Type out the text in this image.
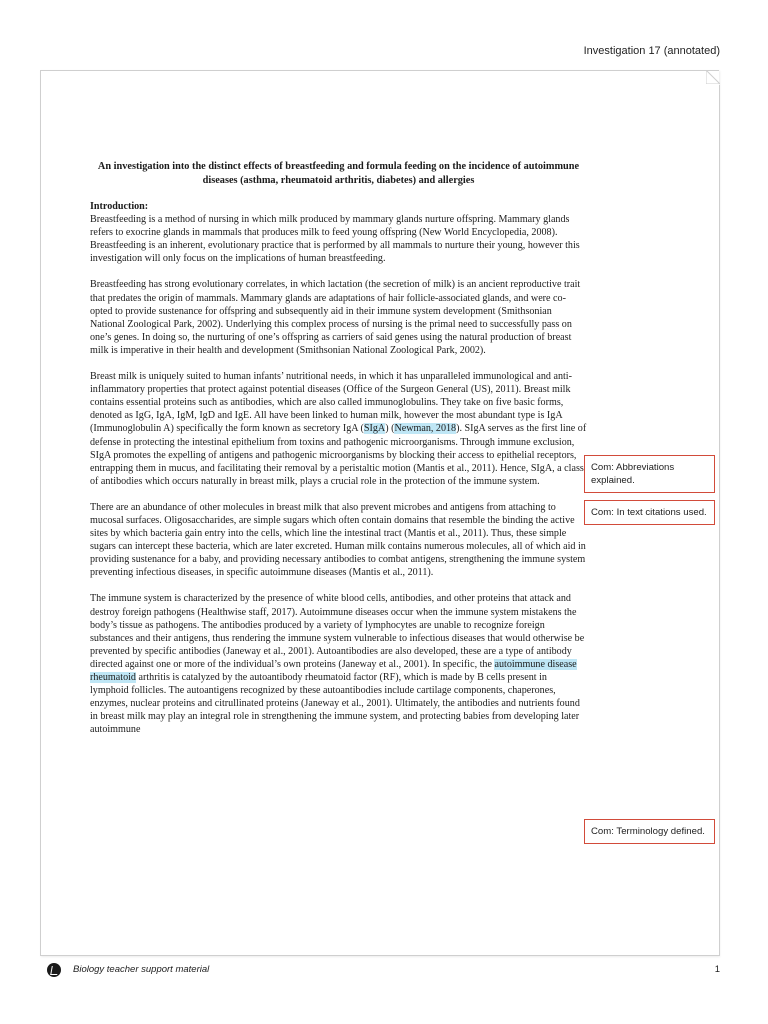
Investigation 17 (annotated)

An investigation into the distinct effects of breastfeeding and formula feeding on the incidence of autoimmune diseases (asthma, rheumatoid arthritis, diabetes) and allergies

Introduction:

Breastfeeding is a method of nursing in which milk produced by mammary glands nurture offspring. Mammary glands refers to exocrine glands in mammals that produces milk to feed young offspring (New World Encyclopedia, 2008). Breastfeeding is an inherent, evolutionary practice that is performed by all mammals to nurture their young, however this investigation will only focus on the implications of human breastfeeding.

Breastfeeding has strong evolutionary correlates, in which lactation (the secretion of milk) is an ancient reproductive trait that predates the origin of mammals. Mammary glands are adaptations of hair follicle-associated glands, and were co-opted to provide sustenance for offspring and subsequently aid in their immune system development (Smithsonian National Zoological Park, 2002). Underlying this complex process of nursing is the primal need to successfully pass on one’s genes. In doing so, the nurturing of one’s offspring as carriers of said genes using the natural production of breast milk is imperative in their health and development (Smithsonian National Zoological Park, 2002).

Breast milk is uniquely suited to human infants’ nutritional needs, in which it has unparalleled immunological and anti-inflammatory properties that protect against potential diseases (Office of the Surgeon General (US), 2011). Breast milk contains essential proteins such as antibodies, which are also called immunoglobulins. They take on five basic forms, denoted as IgG, IgA, IgM, IgD and IgE. All have been linked to human milk, however the most abundant type is IgA (Immunoglobulin A) specifically the form known as secretory IgA (SIgA) (Newman, 2018). SIgA serves as the first line of defense in protecting the intestinal epithelium from toxins and pathogenic microorganisms. Through immune exclusion, SIgA promotes the expelling of antigens and pathogenic microorganisms by blocking their access to epithelial receptors, entrapping them in mucus, and facilitating their removal by a peristaltic motion (Mantis et al., 2011). Hence, SIgA, a class of antibodies which occurs naturally in breast milk, plays a crucial role in the protection of the immune system.

There are an abundance of other molecules in breast milk that also prevent microbes and antigens from attaching to mucosal surfaces. Oligosaccharides, are simple sugars which often contain domains that resemble the binding the active sites by which bacteria gain entry into the cells, which line the intestinal tract (Mantis et al., 2011). Thus, these simple sugars can intercept these bacteria, which are later excreted. Human milk contains numerous molecules, all of which aid in providing sustenance for a baby, and providing necessary antibodies to combat antigens, strengthening the immune system preventing infectious diseases, in specific autoimmune diseases (Mantis et al., 2011).

The immune system is characterized by the presence of white blood cells, antibodies, and other proteins that attack and destroy foreign pathogens (Healthwise staff, 2017). Autoimmune diseases occur when the immune system mistakens the body’s tissue as pathogens. The antibodies produced by a variety of lymphocytes are unable to recognize foreign substances and their antigens, thus rendering the immune system vulnerable to infectious diseases that would otherwise be prevented by specific antibodies (Janeway et al., 2001). Autoantibodies are also developed, these are a type of antibody directed against one or more of the individual’s own proteins (Janeway et al., 2001). In specific, the autoimmune disease rheumatoid arthritis is catalyzed by the autoantibody rheumatoid factor (RF), which is made by B cells present in lymphoid follicles. The autoantigens recognized by these autoantibodies include cartilage components, chaperones, enzymes, nuclear proteins and citrullinated proteins (Janeway et al., 2001). Ultimately, the antibodies and nutrients found in breast milk may play an integral role in strengthening the immune system, and protecting babies from developing later autoimmune

Com: Abbreviations explained.
Com: In text citations used.
Com: Terminology defined.
Biology teacher support material	1
